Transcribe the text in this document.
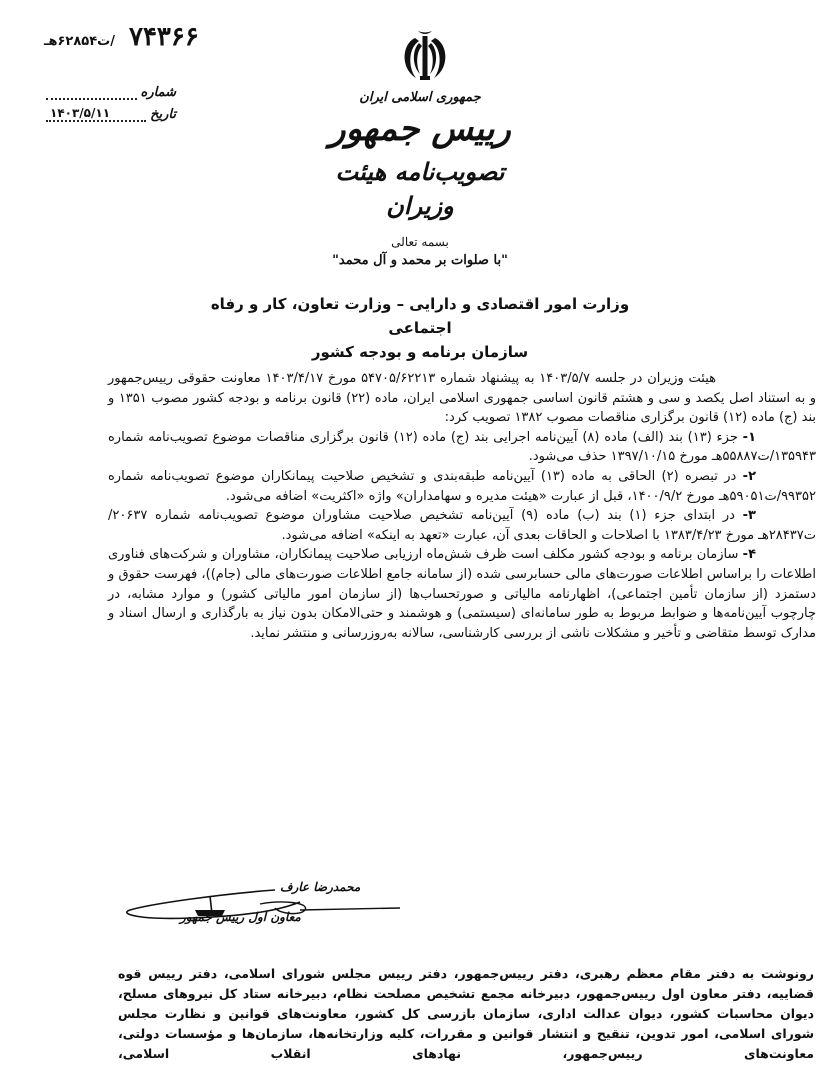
ت۶۲۸۵۴هـ/ ۷۴۳۶۶
شماره
تاریخ
۱۴۰۳/۵/۱۱
جمهوری اسلامی ایران
رییس جمهور
تصویب‌نامه هیئت وزیران
بسمه تعالی
"با صلوات بر محمد و آل محمد"
وزارت امور اقتصادی و دارایی – وزارت تعاون، کار و رفاه اجتماعی
سازمان برنامه و بودجه کشور

هیئت وزیران در جلسه ۱۴۰۳/۵/۷ به پیشنهاد شماره ۵۴۷۰۵/۶۲۲۱۳ مورخ ۱۴۰۳/۴/۱۷ معاونت حقوقی رییس‌جمهور و به استناد اصل یکصد و سی و هشتم قانون اساسی جمهوری اسلامی ایران، ماده (۲۲) قانون برنامه و بودجه کشور مصوب ۱۳۵۱ و بند (ج) ماده (۱۲) قانون برگزاری مناقصات مصوب ۱۳۸۲ تصویب کرد:

۱- جزء (۱۳) بند (الف) ماده (۸) آیین‌نامه اجرایی بند (ج) ماده (۱۲) قانون برگزاری مناقصات موضوع تصویب‌نامه شماره ۱۳۵۹۴۳/ت۵۵۸۸۷هـ مورخ ۱۳۹۷/۱۰/۱۵ حذف می‌شود.

۲- در تبصره (۲) الحاقی به ماده (۱۳) آیین‌نامه طبقه‌بندی و تشخیص صلاحیت پیمانکاران موضوع تصویب‌نامه شماره ۹۹۳۵۲/ت۵۹۰۵۱هـ مورخ ۱۴۰۰/۹/۲، قبل از عبارت «هیئت مدیره و سهامداران» واژه «اکثریت» اضافه می‌شود.

۳- در ابتدای جزء (۱) بند (ب) ماده (۹) آیین‌نامه تشخیص صلاحیت مشاوران موضوع تصویب‌نامه شماره ۲۰۶۳۷/ت۲۸۴۳۷هـ مورخ ۱۳۸۳/۴/۲۳ با اصلاحات و الحاقات بعدی آن، عبارت «تعهد به اینکه» اضافه می‌شود.

۴- سازمان برنامه و بودجه کشور مکلف است ظرف شش‌ماه ارزیابی صلاحیت پیمانکاران، مشاوران و شرکت‌های فناوری اطلاعات را براساس اطلاعات صورت‌های مالی حسابرسی شده (از سامانه جامع اطلاعات صورت‌های مالی (جام))، فهرست حقوق و دستمزد (از سازمان تأمین اجتماعی)، اظهارنامه مالیاتی و صورتحساب‌ها (از سازمان امور مالیاتی کشور) و موارد مشابه، در چارچوب آیین‌نامه‌ها و ضوابط مربوط به طور سامانه‌ای (سیستمی) و هوشمند و حتی‌الامکان بدون نیاز به بارگذاری و ارسال اسناد و مدارک توسط متقاضی و تأخیر و مشکلات ناشی از بررسی کارشناسی، سالانه به‌روزرسانی و منتشر نماید.

محمدرضا عارف
معاون اول رییس جمهور
رونوشت به دفتر مقام معظم رهبری، دفتر رییس‌جمهور، دفتر رییس مجلس شورای اسلامی، دفتر رییس قوه قضاییه، دفتر معاون اول رییس‌جمهور، دبیرخانه مجمع تشخیص مصلحت نظام، دبیرخانه ستاد کل نیروهای مسلح، دیوان محاسبات کشور، دیوان عدالت اداری، سازمان بازرسی کل کشور، معاونت‌های قوانین و نظارت مجلس شورای اسلامی، امور تدوین، تنقیح و انتشار قوانین و مقررات، کلیه وزارتخانه‌ها، سازمان‌ها و مؤسسات دولتی، معاونت‌های رییس‌جمهور، نهادهای انقلاب اسلامی،
